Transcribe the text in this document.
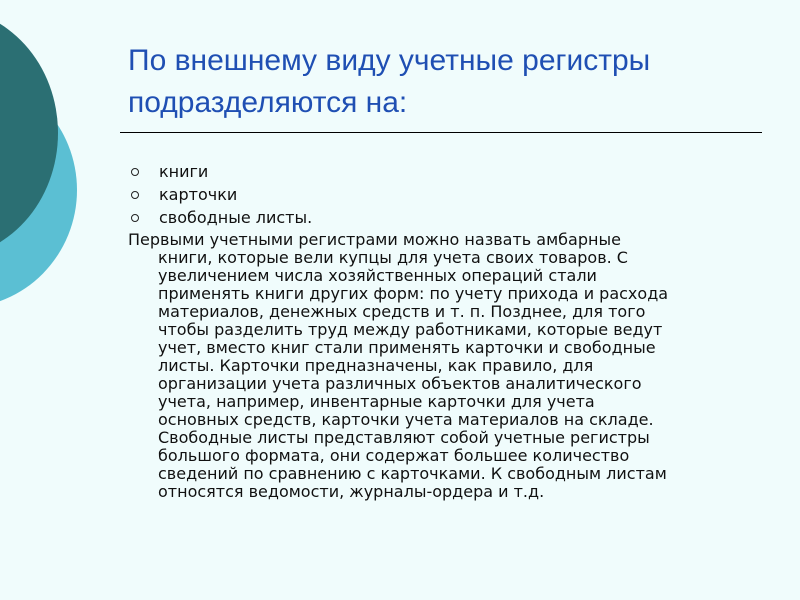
По внешнему виду учетные регистры
подразделяются на:
книги
карточки
свободные листы.
Первыми учетными регистрами можно назвать амбарные
книги, которые вели купцы для учета своих товаров. С
увеличением числа хозяйственных операций стали
применять книги других форм: по учету прихода и расхода
материалов, денежных средств и т. п. Позднее, для того
чтобы разделить труд между работниками, которые ведут
учет, вместо книг стали применять карточки и свободные
листы. Карточки предназначены, как правило, для
организации учета различных объектов аналитического
учета, например, инвентарные карточки для учета
основных средств, карточки учета материалов на складе.
Свободные листы представляют собой учетные регистры
большого формата, они содержат большее количество
сведений по сравнению с карточками. К свободным листам
относятся ведомости, журналы-ордера и т.д.
